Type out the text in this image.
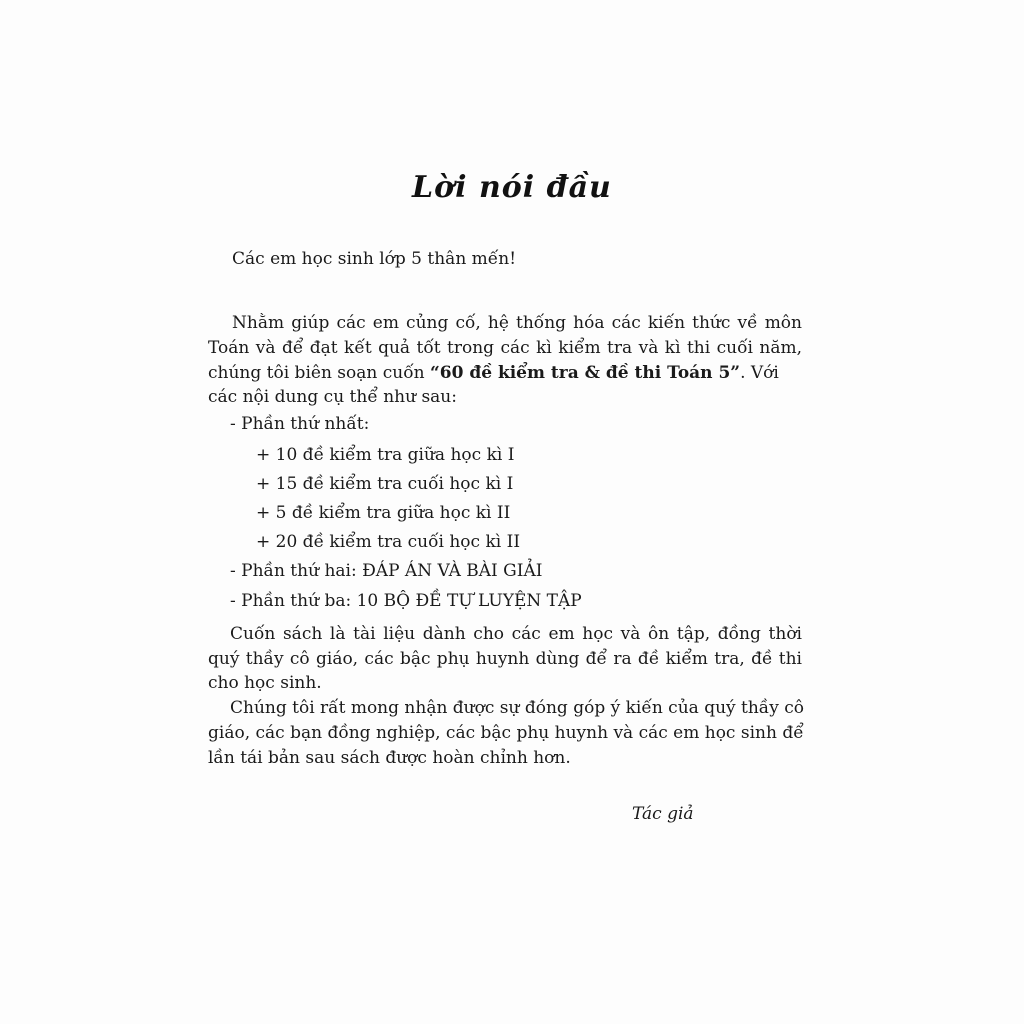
Lời nói đầu
Các em học sinh lớp 5 thân mến!
Nhằm giúp các em củng cố, hệ thống hóa các kiến thức về môn
Toán và để đạt kết quả tốt trong các kì kiểm tra và kì thi cuối năm,
chúng tôi biên soạn cuốn “60 đề kiểm tra & đề thi Toán 5”. Với
các nội dung cụ thể như sau:
- Phần thứ nhất:
+ 10 đề kiểm tra giữa học kì I
+ 15 đề kiểm tra cuối học kì I
+ 5 đề kiểm tra giữa học kì II
+ 20 đề kiểm tra cuối học kì II
- Phần thứ hai: ĐÁP ÁN VÀ BÀI GIẢI
- Phần thứ ba: 10 BỘ ĐỀ TỰ LUYỆN TẬP
Cuốn sách là tài liệu dành cho các em học và ôn tập, đồng thời
quý thầy cô giáo, các bậc phụ huynh dùng để ra đề kiểm tra, đề thi
cho học sinh.
Chúng tôi rất mong nhận được sự đóng góp ý kiến của quý thầy cô
giáo, các bạn đồng nghiệp, các bậc phụ huynh và các em học sinh để
lần tái bản sau sách được hoàn chỉnh hơn.
Tác giả
